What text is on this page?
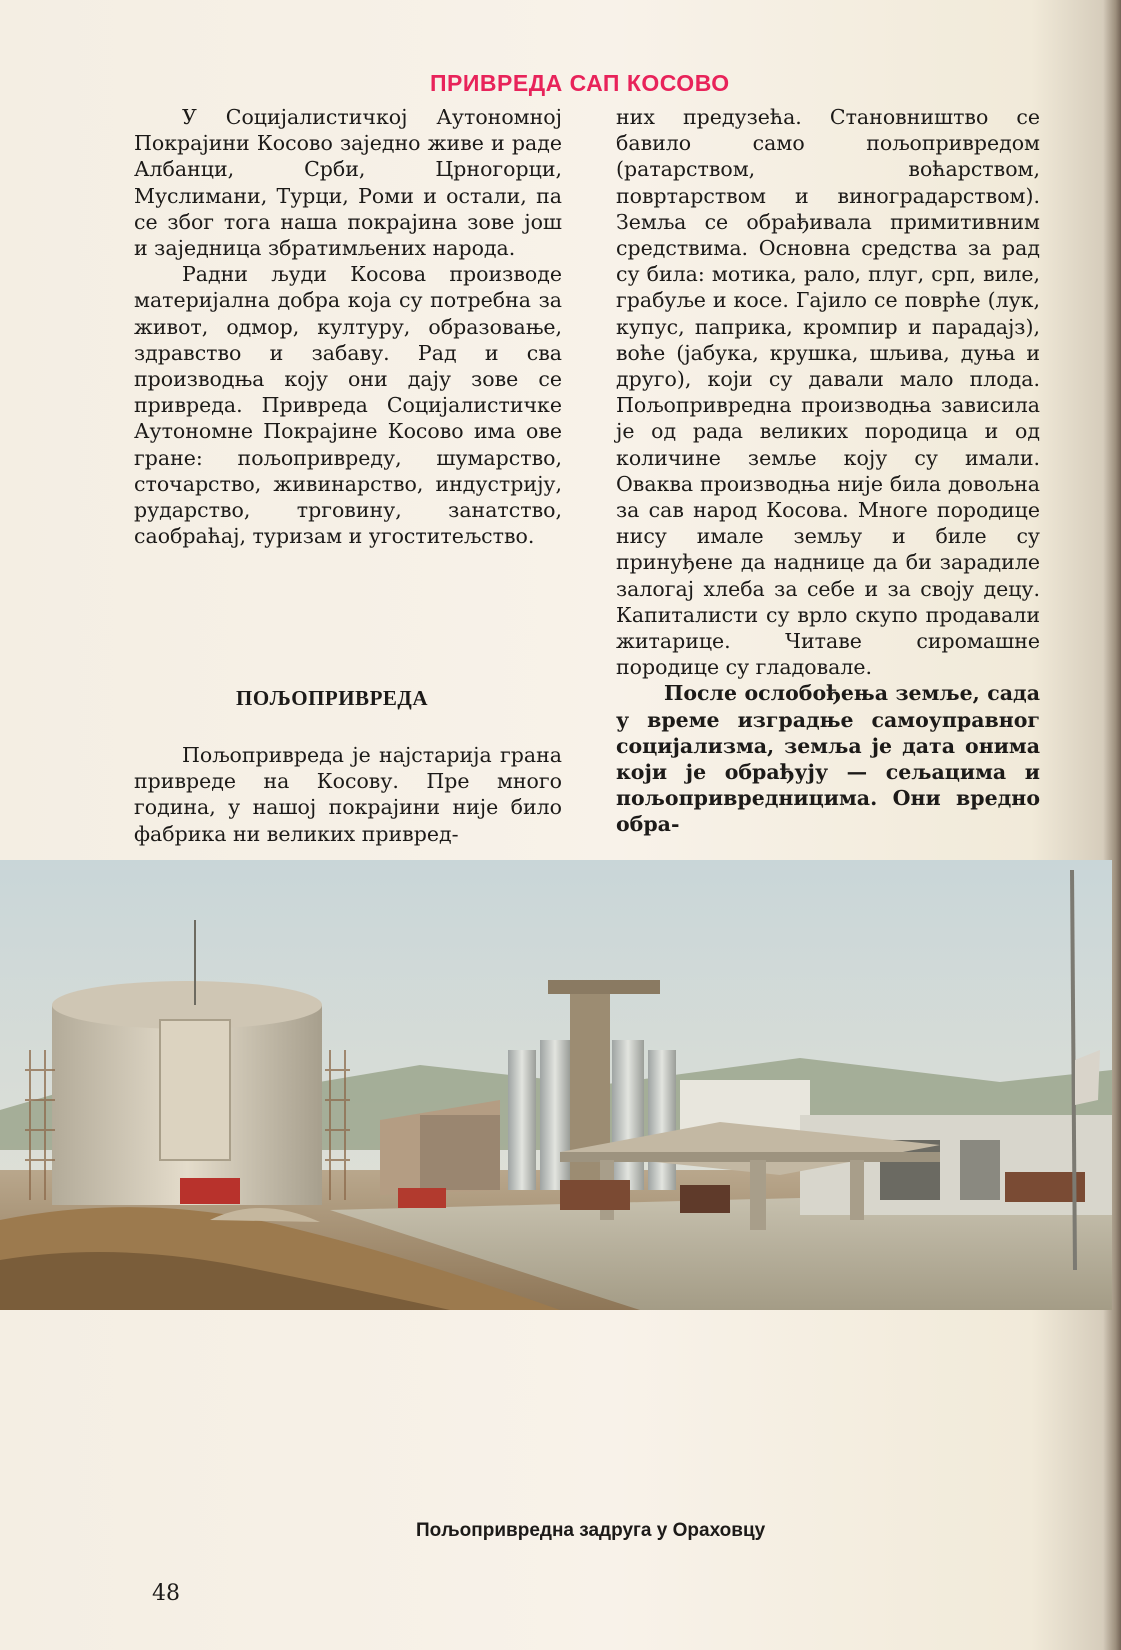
ПРИВРЕДА САП КОСОВО

У Социјалистичкој Аутономној Покрајини Косово заједно живе и раде Албанци, Срби, Црногорци, Муслимани, Турци, Роми и остали, па се због тога наша покрајина зове још и заједница збратимљених народа.

Радни људи Косова производе материјална добра која су потребна за живот, одмор, културу, образовање, здравство и забаву. Рад и сва производња коју они дају зове се привреда. Привреда Социјалистичке Аутономне Покрајине Косово има ове гране: пољопривреду, шумарство, сточарство, живинарство, индустрију, рударство, трговину, занатство, саобраћај, туризам и угоститељство.

ПОЉОПРИВРЕДА

Пољопривреда је најстарија грана привреде на Косову. Пре много година, у нашој покрајини није било фабрика ни великих привред-

них предузећа. Становништво се бавило само пољопривредом (ратарством, воћарством, повртарством и виноградарством). Земља се обрађивала примитивним средствима. Основна средства за рад су била: мотика, рало, плуг, срп, виле, грабуље и косе. Гајило се поврће (лук, купус, паприка, кромпир и парадајз), воће (јабука, крушка, шљива, дуња и друго), који су давали мало плода. Пољопривредна производња зависила је од рада великих породица и од количине земље коју су имали. Оваква производња није била довољна за сав народ Косова. Многе породице нису имале земљу и биле су принуђене да наднице да би зарадиле залогај хлеба за себе и за своју децу. Капиталисти су врло скупо продавали житарице. Читаве сиромашне породице су гладовале.

После ослобођења земље, сада у време изградње самоуправног социјализма, земља је дата онима који је обрађују — сељацима и пољопривредницима. Они вредно обра-

Пољопривредна задруга у Ораховцу
48
